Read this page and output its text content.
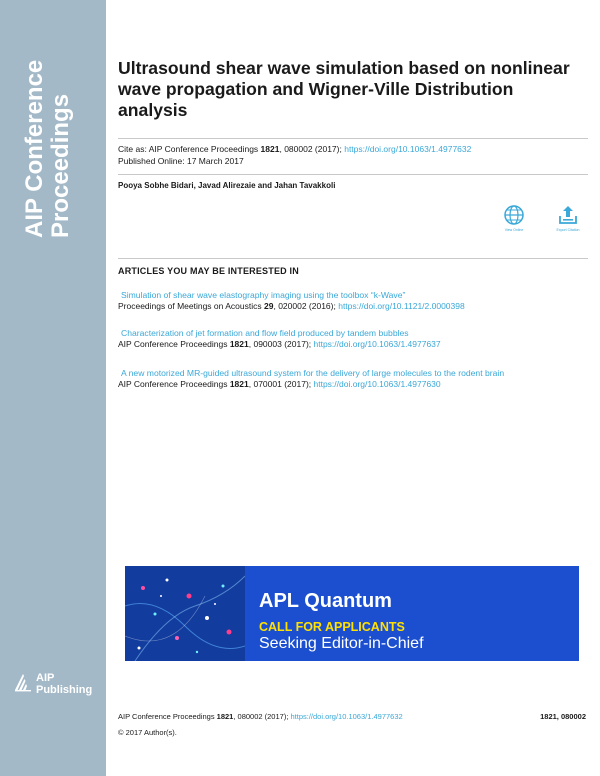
AIP Conference Proceedings
AIP
Publishing
Ultrasound shear wave simulation based on nonlinear wave propagation and Wigner-Ville Distribution analysis
Cite as: AIP Conference Proceedings 1821, 080002 (2017); https://doi.org/10.1063/1.4977632
Published Online: 17 March 2017
Pooya Sobhe Bidari, Javad Alirezaie and Jahan Tavakkoli
View Online	Export Citation
ARTICLES YOU MAY BE INTERESTED IN
Simulation of shear wave elastography imaging using the toolbox “k-Wave”
Proceedings of Meetings on Acoustics 29, 020002 (2016); https://doi.org/10.1121/2.0000398
Characterization of jet formation and flow field produced by tandem bubbles
AIP Conference Proceedings 1821, 090003 (2017); https://doi.org/10.1063/1.4977637
A new motorized MR-guided ultrasound system for the delivery of large molecules to the rodent brain
AIP Conference Proceedings 1821, 070001 (2017); https://doi.org/10.1063/1.4977630
APL Quantum
CALL FOR APPLICANTS
Seeking Editor-in-Chief
AIP Conference Proceedings 1821, 080002 (2017); https://doi.org/10.1063/1.4977632	1821, 080002
© 2017 Author(s).
